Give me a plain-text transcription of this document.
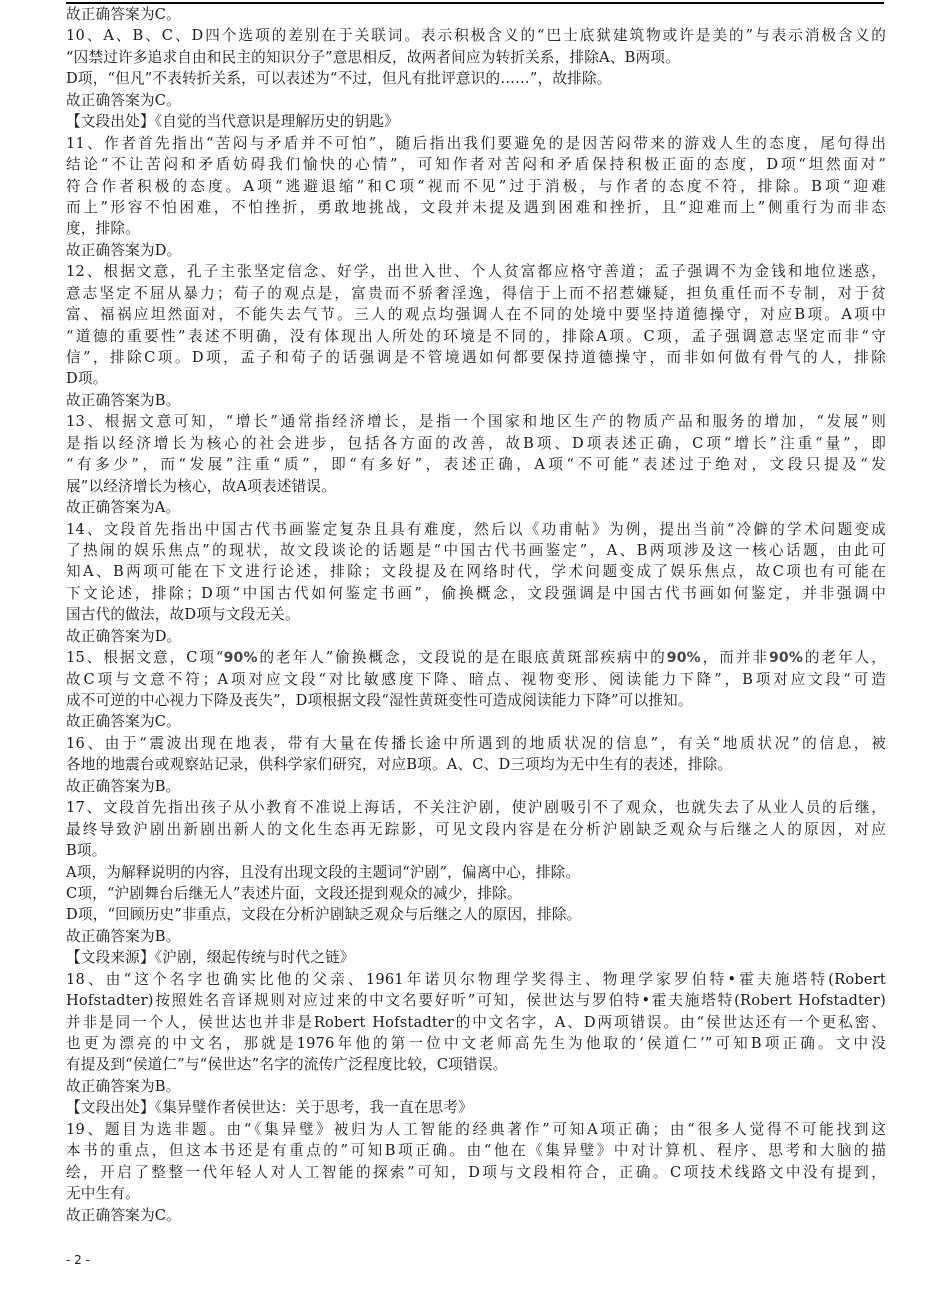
故正确答案为C。
10、A、B、C、D四个选项的差别在于关联词。表示积极含义的“巴士底狱建筑物或许是美的”与表示消极含义的
“囚禁过许多追求自由和民主的知识分子”意思相反，故两者间应为转折关系，排除A、B两项。
D项，“但凡”不表转折关系，可以表述为“不过，但凡有批评意识的……”，故排除。
故正确答案为C。
【文段出处】《自觉的当代意识是理解历史的钥匙》
11、作者首先指出“苦闷与矛盾并不可怕”，随后指出我们要避免的是因苦闷带来的游戏人生的态度，尾句得出
结论“不让苦闷和矛盾妨碍我们愉快的心情”，可知作者对苦闷和矛盾保持积极正面的态度，D项“坦然面对”
符合作者积极的态度。A项“逃避退缩”和C项“视而不见”过于消极，与作者的态度不符，排除。B项“迎难
而上”形容不怕困难，不怕挫折，勇敢地挑战，文段并未提及遇到困难和挫折，且“迎难而上”侧重行为而非态
度，排除。
故正确答案为D。
12、根据文意，孔子主张坚定信念、好学，出世入世、个人贫富都应格守善道；孟子强调不为金钱和地位迷惑，
意志坚定不屈从暴力；荀子的观点是，富贵而不骄奢淫逸，得信于上而不招惹嫌疑，担负重任而不专制，对于贫
富、福祸应坦然面对，不能失去气节。三人的观点均强调人在不同的处境中要坚持道德操守，对应B项。A项中
“道德的重要性”表述不明确，没有体现出人所处的环境是不同的，排除A项。C项，孟子强调意志坚定而非“守
信”，排除C项。D项，孟子和荀子的话强调是不管境遇如何都要保持道德操守，而非如何做有骨气的人，排除
D项。
故正确答案为B。
13、根据文意可知，“增长”通常指经济增长，是指一个国家和地区生产的物质产品和服务的增加，“发展”则
是指以经济增长为核心的社会进步，包括各方面的改善，故B项、D项表述正确，C项“增长”注重“量”，即
“有多少”，而“发展”注重“质”，即“有多好”，表述正确，A项“不可能”表述过于绝对，文段只提及“发
展”以经济增长为核心，故A项表述错误。
故正确答案为A。
14、文段首先指出中国古代书画鉴定复杂且具有难度，然后以《功甫帖》为例，提出当前“冷僻的学术问题变成
了热闹的娱乐焦点”的现状，故文段谈论的话题是“中国古代书画鉴定”，A、B两项涉及这一核心话题，由此可
知A、B两项可能在下文进行论述，排除；文段提及在网络时代，学术问题变成了娱乐焦点，故C项也有可能在
下文论述，排除；D项“中国古代如何鉴定书画”，偷换概念，文段强调是中国古代书画如何鉴定，并非强调中
国古代的做法，故D项与文段无关。
故正确答案为D。
15、根据文意，C项“90%的老年人”偷换概念，文段说的是在眼底黄斑部疾病中的90%，而并非90%的老年人，
故C项与文意不符；A项对应文段“对比敏感度下降、暗点、视物变形、阅读能力下降”，B项对应文段“可造
成不可逆的中心视力下降及丧失”，D项根据文段“湿性黄斑变性可造成阅读能力下降”可以推知。
故正确答案为C。
16、由于“震波出现在地表，带有大量在传播长途中所遇到的地质状况的信息”，有关“地质状况”的信息，被
各地的地震台或观察站记录，供科学家们研究，对应B项。A、C、D三项均为无中生有的表述，排除。
故正确答案为B。
17、文段首先指出孩子从小教育不准说上海话，不关注沪剧，使沪剧吸引不了观众，也就失去了从业人员的后继，
最终导致沪剧出新剧出新人的文化生态再无踪影，可见文段内容是在分析沪剧缺乏观众与后继之人的原因，对应
B项。
A项，为解释说明的内容，且没有出现文段的主题词“沪剧”，偏离中心，排除。
C项，“沪剧舞台后继无人”表述片面，文段还提到观众的减少，排除。
D项，“回顾历史”非重点，文段在分析沪剧缺乏观众与后继之人的原因，排除。
故正确答案为B。
【文段来源】《沪剧，缀起传统与时代之链》
18、由“这个名字也确实比他的父亲、1961年诺贝尔物理学奖得主、物理学家罗伯特•霍夫施塔特(Robert
Hofstadter)按照姓名音译规则对应过来的中文名要好听”可知，侯世达与罗伯特•霍夫施塔特(Robert Hofstadter)
并非是同一个人，侯世达也并非是Robert Hofstadter的中文名字，A、D两项错误。由“侯世达还有一个更私密、
也更为漂亮的中文名，那就是1976年他的第一位中文老师高先生为他取的‘侯道仁’”可知B项正确。文中没
有提及到“侯道仁”与“侯世达”名字的流传广泛程度比较，C项错误。
故正确答案为B。
【文段出处】《集异璧作者侯世达：关于思考，我一直在思考》
19、题目为选非题。由“《集异璧》被归为人工智能的经典著作”可知A项正确；由“很多人觉得不可能找到这
本书的重点，但这本书还是有重点的”可知B项正确。由“他在《集异璧》中对计算机、程序、思考和大脑的描
绘，开启了整整一代年轻人对人工智能的探索”可知，D项与文段相符合，正确。C项技术线路文中没有提到，
无中生有。
故正确答案为C。
- 2 -
